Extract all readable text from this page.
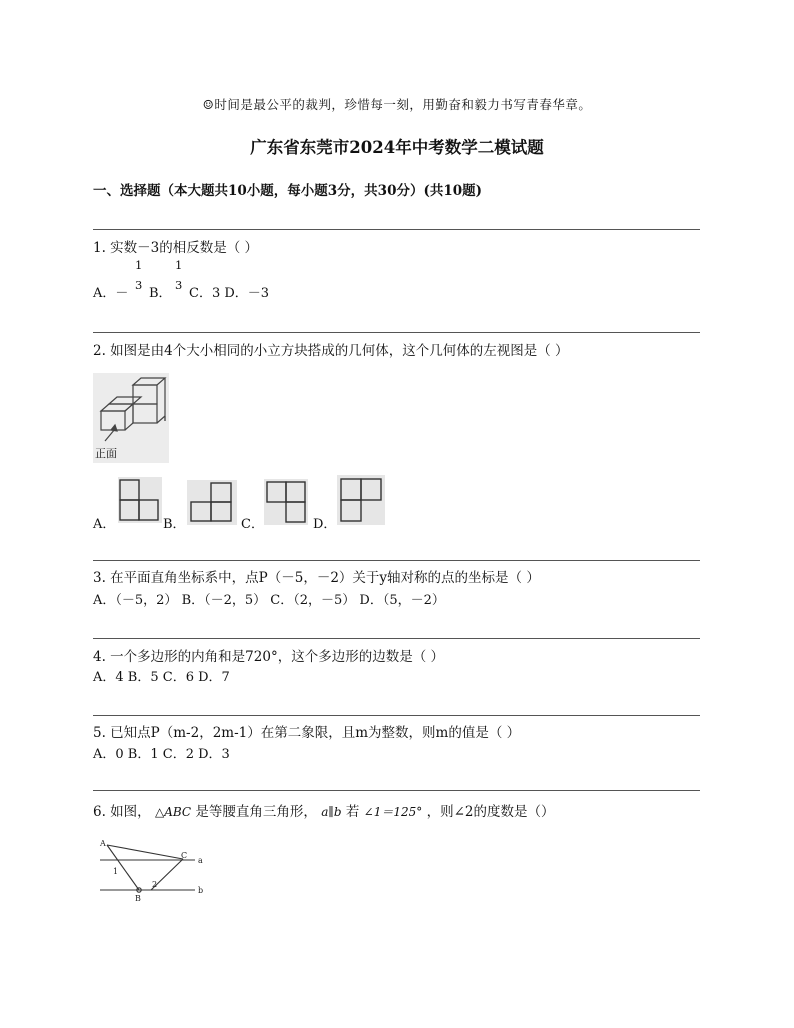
☺时间是最公平的裁判，珍惜每一刻，用勤奋和毅力书写青春华章。
广东省东莞市2024年中考数学二模试题
一、选择题（本大题共10小题，每小题3分，共30分）(共10题)
1. 实数－3的相反数是（ ）
A．－
1
3
B．
1
3
C．3 D．－3
2. 如图是由4个大小相同的小立方块搭成的几何体，这个几何体的左视图是（ ）
正面
A．	B．	C．	D．
3. 在平面直角坐标系中，点P（－5，－2）关于y轴对称的点的坐标是（ ）
A．（－5，2） B．（－2，5） C．（2，－5） D．（5，－2）
4. 一个多边形的内角和是720°，这个多边形的边数是（ ）
A．4 B．5 C．6 D．7
5. 已知点P（m-2，2m-1）在第二象限，且m为整数，则m的值是（ ）
A．0 B．1 C．2 D．3
6. 如图， △ABC 是等腰直角三角形， a∥b 若 ∠1＝125° ，则∠2的度数是（）
A
C
B
a
b
1
2
